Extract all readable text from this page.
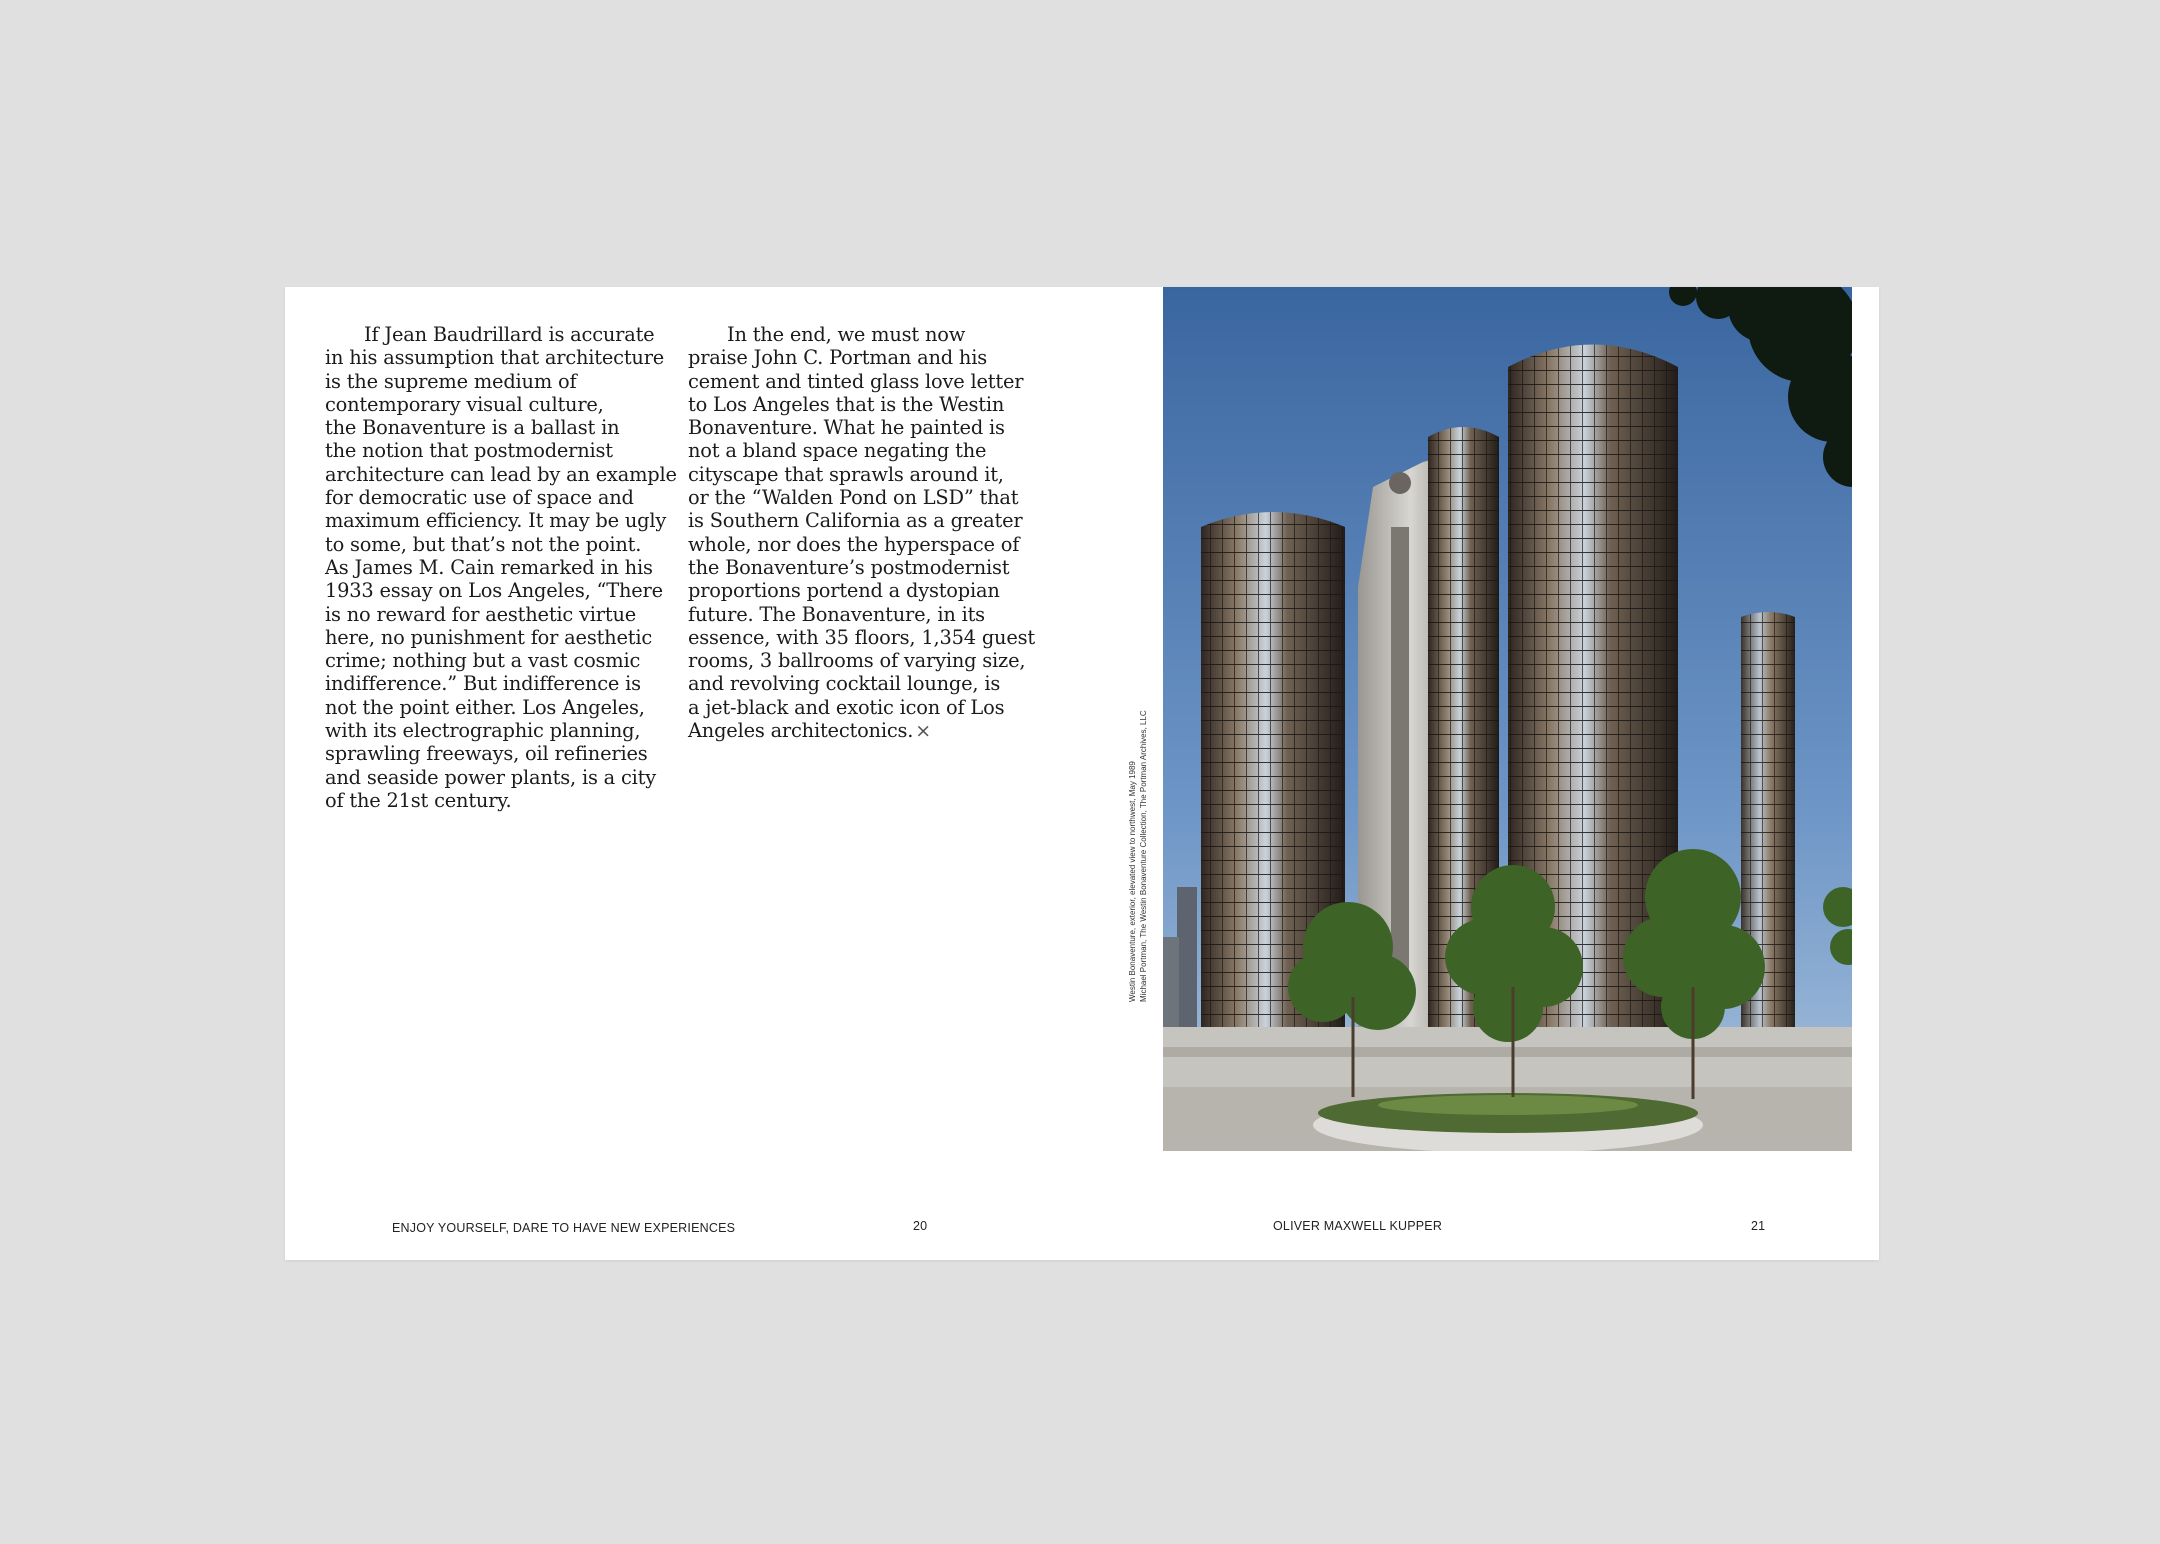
If Jean Baudrillard is accurate
in his assumption that architecture
is the supreme medium of
contemporary visual culture,
the Bonaventure is a ballast in
the notion that postmodernist
architecture can lead by an example
for democratic use of space and
maximum efficiency. It may be ugly
to some, but that’s not the point.
As James M. Cain remarked in his
1933 essay on Los Angeles, “There
is no reward for aesthetic virtue
here, no punishment for aesthetic
crime; nothing but a vast cosmic
indifference.” But indifference is
not the point either. Los Angeles,
with its electrographic planning,
sprawling freeways, oil refineries
and seaside power plants, is a city
of the 21st century.
In the end, we must now
praise John C. Portman and his
cement and tinted glass love letter
to Los Angeles that is the Westin
Bonaventure. What he painted is
not a bland space negating the
cityscape that sprawls around it,
or the “Walden Pond on LSD” that
is Southern California as a greater
whole, nor does the hyperspace of
the Bonaventure’s postmodernist
proportions portend a dystopian
future. The Bonaventure, in its
essence, with 35 floors, 1,354 guest
rooms, 3 ballrooms of varying size,
and revolving cocktail lounge, is
a jet-black and exotic icon of Los
Angeles architectonics. ×
Westin Bonaventure, exterior, elevated view to northwest, May 1989 Michael Portman, The Westin Bonaventure Collection, The Portman Archives, LLC
ENJOY YOURSELF, DARE TO HAVE NEW EXPERIENCES	20	OLIVER MAXWELL KUPPER	21
